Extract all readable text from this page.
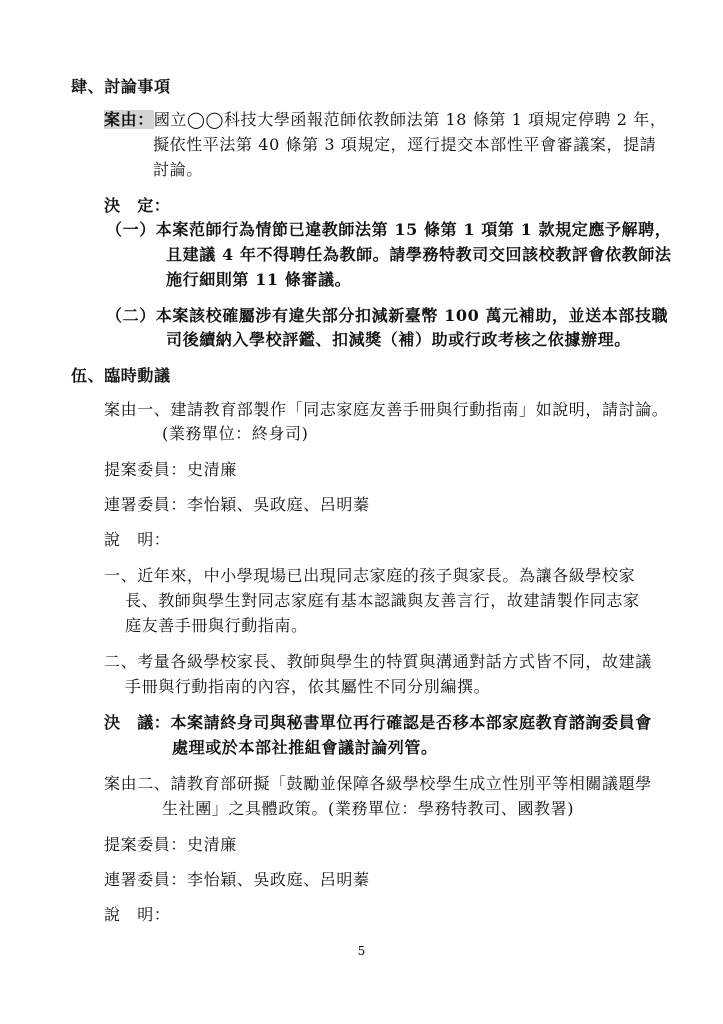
肆、討論事項
案由：國立◯◯科技大學函報范師依教師法第 18 條第 1 項規定停聘 2 年，
擬依性平法第 40 條第 3 項規定，逕行提交本部性平會審議案，提請
討論。
決　定：
（一）本案范師行為情節已違教師法第 15 條第 1 項第 1 款規定應予解聘，
且建議 4 年不得聘任為教師。請學務特教司交回該校教評會依教師法
施行細則第 11 條審議。
（二）本案該校確屬涉有違失部分扣減新臺幣 100 萬元補助，並送本部技職
司後續納入學校評鑑、扣減獎（補）助或行政考核之依據辦理。
伍、臨時動議
案由一、建請教育部製作「同志家庭友善手冊與行動指南」如說明，請討論。
(業務單位：終身司)
提案委員：史清廉
連署委員：李怡穎、吳政庭、呂明蓁
說　明：
一、近年來，中小學現場已出現同志家庭的孩子與家長。為讓各級學校家
長、教師與學生對同志家庭有基本認識與友善言行，故建請製作同志家
庭友善手冊與行動指南。
二、考量各級學校家長、教師與學生的特質與溝通對話方式皆不同，故建議
手冊與行動指南的內容，依其屬性不同分別編撰。
決　議：本案請終身司與秘書單位再行確認是否移本部家庭教育諮詢委員會
處理或於本部社推組會議討論列管。
案由二、請教育部研擬「鼓勵並保障各級學校學生成立性別平等相關議題學
生社團」之具體政策。(業務單位：學務特教司、國教署)
提案委員：史清廉
連署委員：李怡穎、吳政庭、呂明蓁
說　明：
5
